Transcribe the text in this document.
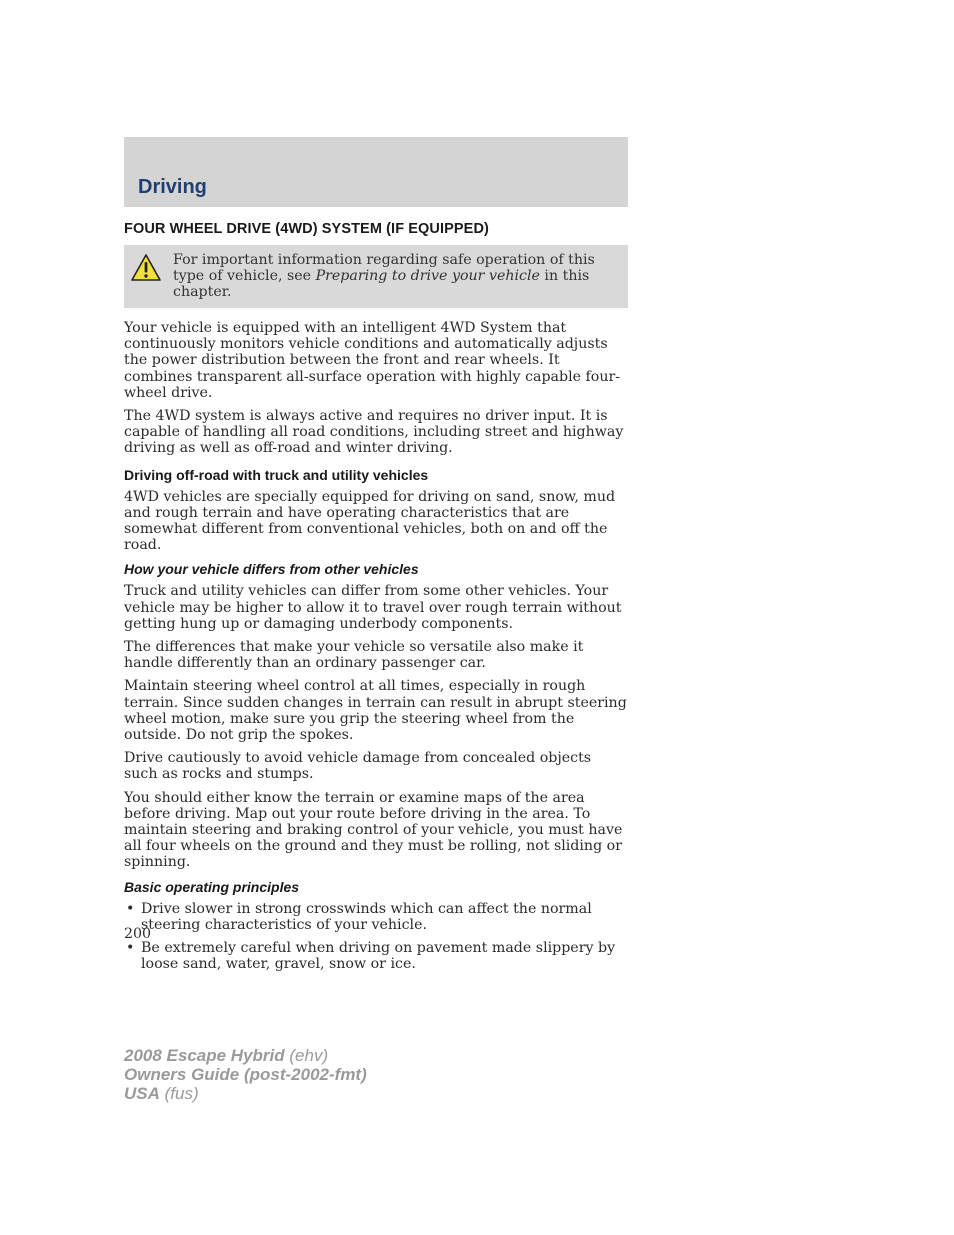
Driving
FOUR WHEEL DRIVE (4WD) SYSTEM (IF EQUIPPED)
For important information regarding safe operation of this type of vehicle, see Preparing to drive your vehicle in this chapter.

Your vehicle is equipped with an intelligent 4WD System that continuously monitors vehicle conditions and automatically adjusts the power distribution between the front and rear wheels. It combines transparent all-surface operation with highly capable four-wheel drive.

The 4WD system is always active and requires no driver input. It is capable of handling all road conditions, including street and highway driving as well as off-road and winter driving.

Driving off-road with truck and utility vehicles

4WD vehicles are specially equipped for driving on sand, snow, mud and rough terrain and have operating characteristics that are somewhat different from conventional vehicles, both on and off the road.

How your vehicle differs from other vehicles

Truck and utility vehicles can differ from some other vehicles. Your vehicle may be higher to allow it to travel over rough terrain without getting hung up or damaging underbody components.

The differences that make your vehicle so versatile also make it handle differently than an ordinary passenger car.

Maintain steering wheel control at all times, especially in rough terrain. Since sudden changes in terrain can result in abrupt steering wheel motion, make sure you grip the steering wheel from the outside. Do not grip the spokes.

Drive cautiously to avoid vehicle damage from concealed objects such as rocks and stumps.

You should either know the terrain or examine maps of the area before driving. Map out your route before driving in the area. To maintain steering and braking control of your vehicle, you must have all four wheels on the ground and they must be rolling, not sliding or spinning.

Basic operating principles
• Drive slower in strong crosswinds which can affect the normal steering characteristics of your vehicle.
• Be extremely careful when driving on pavement made slippery by loose sand, water, gravel, snow or ice.
200
2008 Escape Hybrid (ehv)
Owners Guide (post-2002-fmt)
USA (fus)
